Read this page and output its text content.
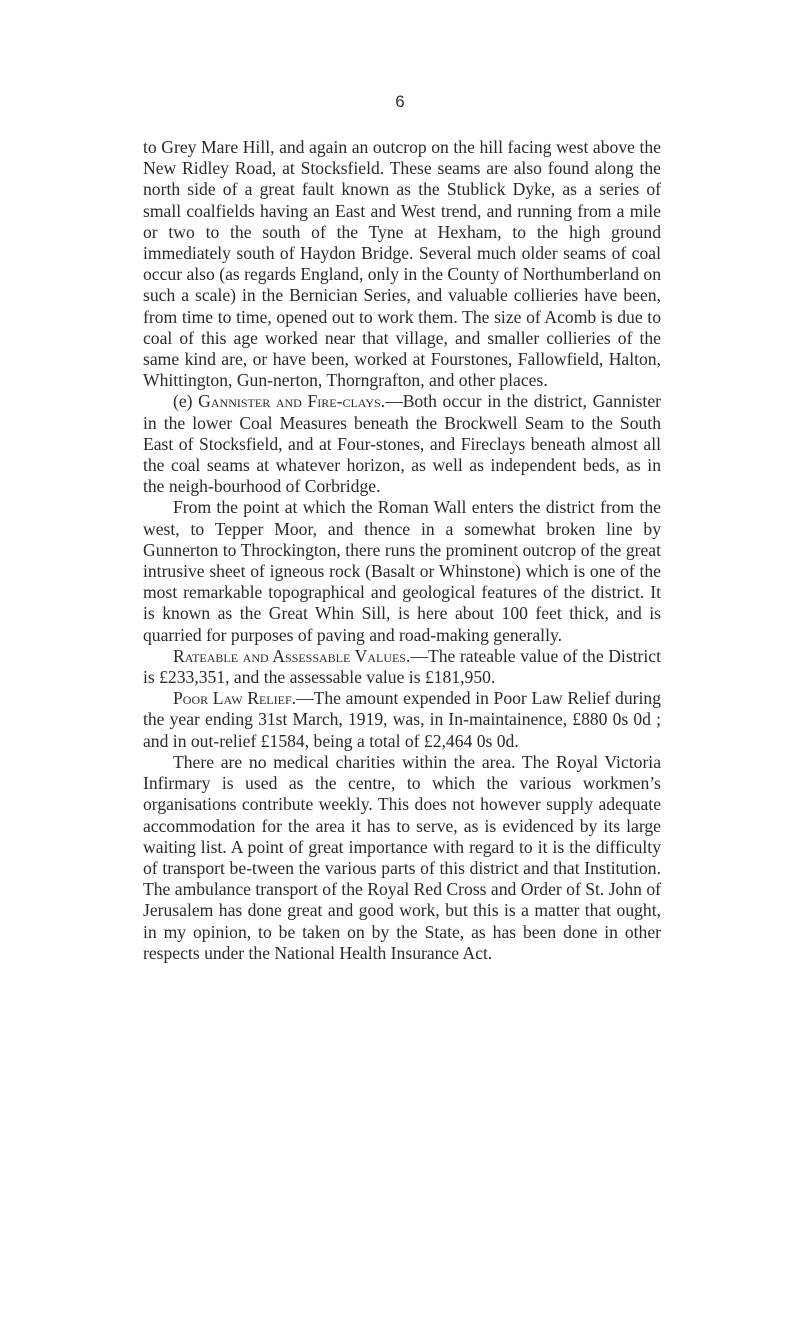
6

to Grey Mare Hill, and again an outcrop on the hill facing west above the New Ridley Road, at Stocksfield. These seams are also found along the north side of a great fault known as the Stublick Dyke, as a series of small coalfields having an East and West trend, and running from a mile or two to the south of the Tyne at Hexham, to the high ground immediately south of Haydon Bridge. Several much older seams of coal occur also (as regards England, only in the County of Northumberland on such a scale) in the Bernician Series, and valuable collieries have been, from time to time, opened out to work them. The size of Acomb is due to coal of this age worked near that village, and smaller collieries of the same kind are, or have been, worked at Fourstones, Fallowfield, Halton, Whittington, Gun-nerton, Thorngrafton, and other places.

(e) Gannister and Fire-clays.—Both occur in the district, Gannister in the lower Coal Measures beneath the Brockwell Seam to the South East of Stocksfield, and at Four-stones, and Fireclays beneath almost all the coal seams at whatever horizon, as well as independent beds, as in the neigh-bourhood of Corbridge.

From the point at which the Roman Wall enters the district from the west, to Tepper Moor, and thence in a somewhat broken line by Gunnerton to Throckington, there runs the prominent outcrop of the great intrusive sheet of igneous rock (Basalt or Whinstone) which is one of the most remarkable topographical and geological features of the district. It is known as the Great Whin Sill, is here about 100 feet thick, and is quarried for purposes of paving and road-making generally.

Rateable and Assessable Values.—The rateable value of the District is £233,351, and the assessable value is £181,950.

Poor Law Relief.—The amount expended in Poor Law Relief during the year ending 31st March, 1919, was, in In-maintainence, £880 0s 0d ; and in out-relief £1584, being a total of £2,464 0s 0d.

There are no medical charities within the area. The Royal Victoria Infirmary is used as the centre, to which the various workmen’s organisations contribute weekly. This does not however supply adequate accommodation for the area it has to serve, as is evidenced by its large waiting list. A point of great importance with regard to it is the difficulty of transport be-tween the various parts of this district and that Institution. The ambulance transport of the Royal Red Cross and Order of St. John of Jerusalem has done great and good work, but this is a matter that ought, in my opinion, to be taken on by the State, as has been done in other respects under the National Health Insurance Act.
